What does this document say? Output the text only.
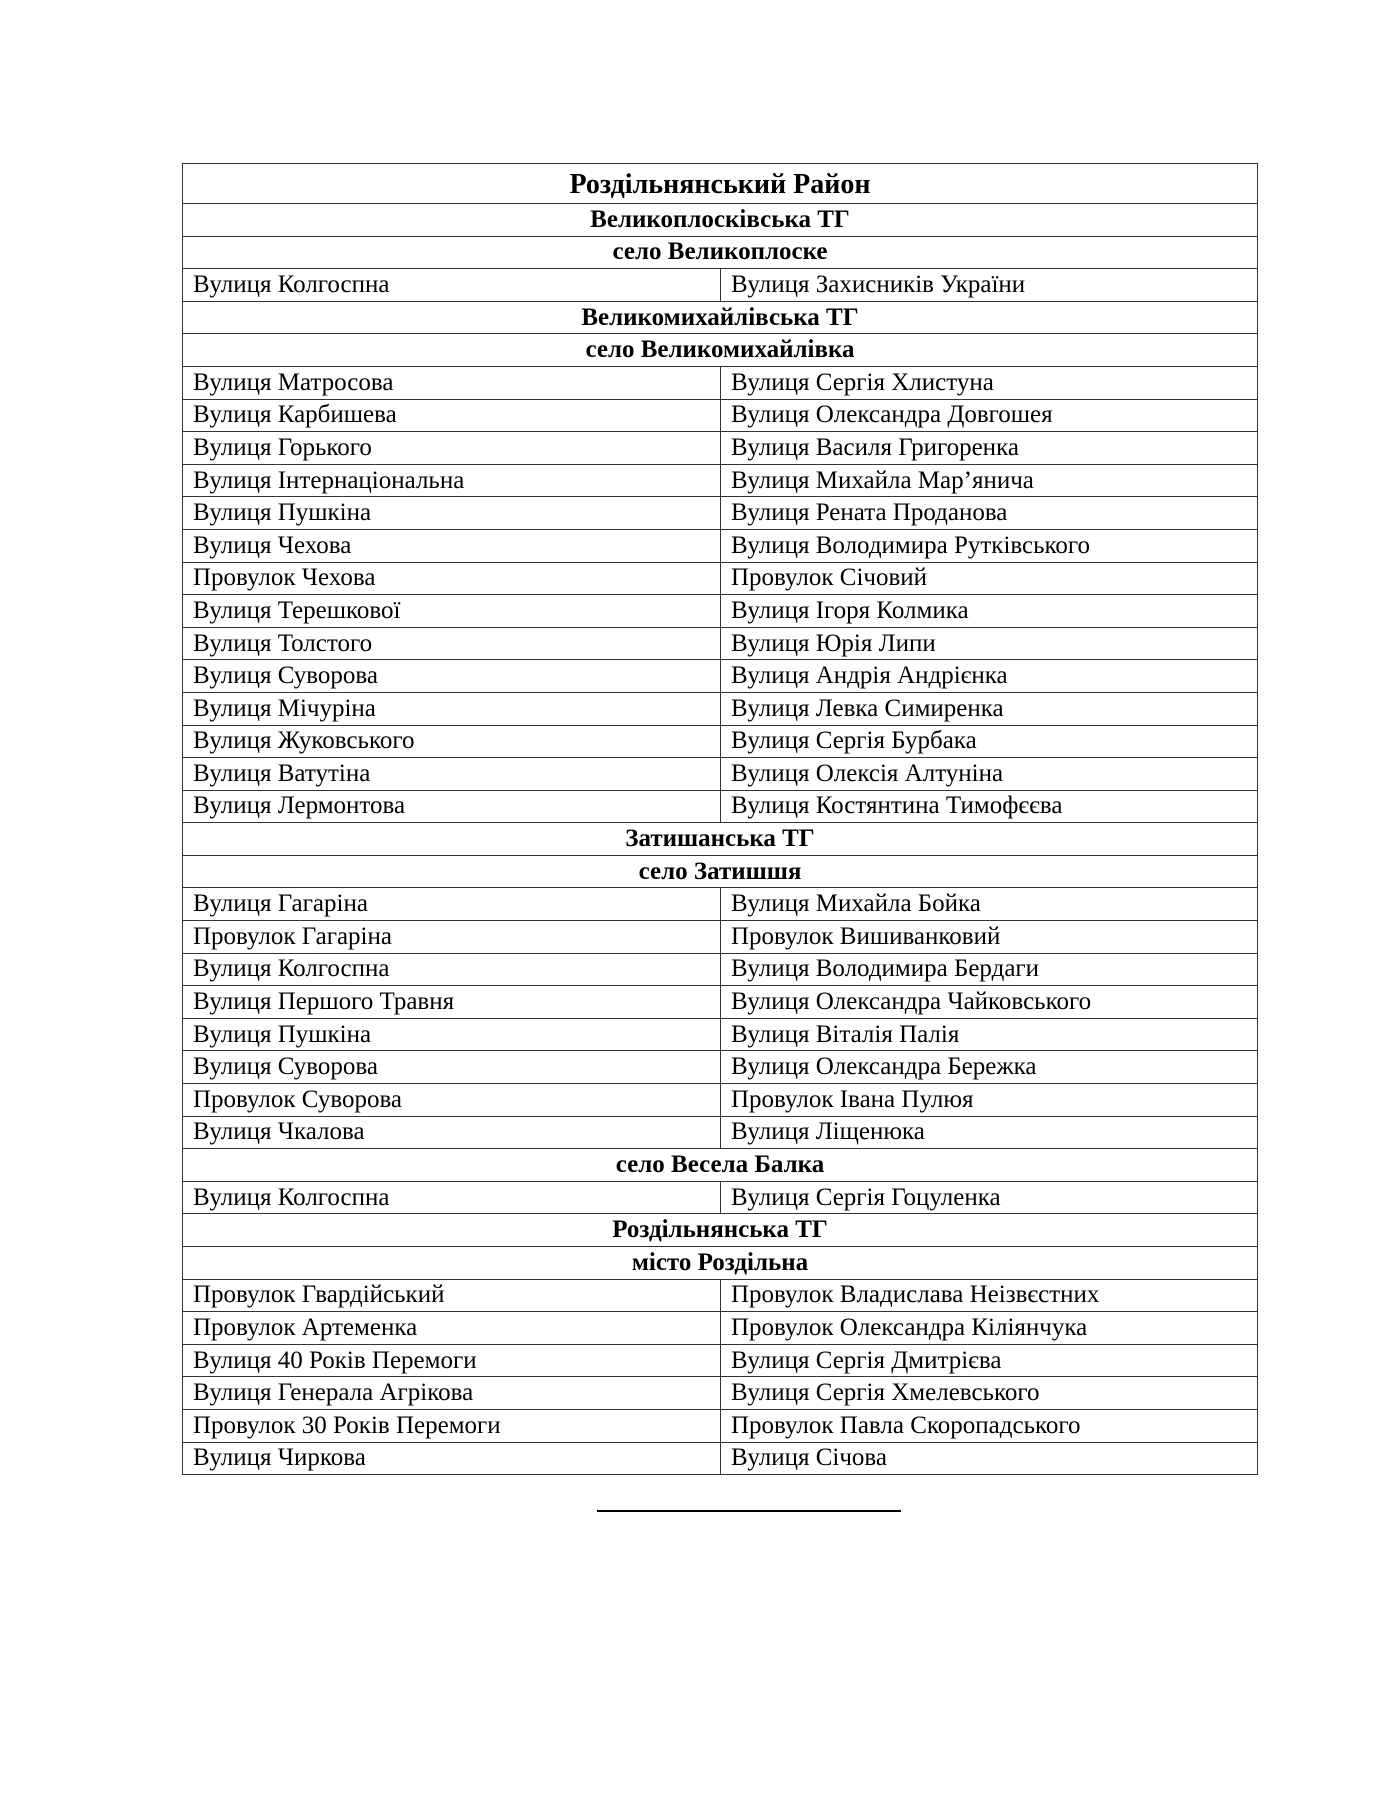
Роздільнянський Район	
Великоплосківська ТГ	
село Великоплоске	
Вулиця Колгоспна	Вулиця Захисників України
Великомихайлівська ТГ	
село Великомихайлівка	
Вулиця Матросова	Вулиця Сергія Хлистуна
Вулиця Карбишева	Вулиця Олександра Довгошея
Вулиця Горького	Вулиця Василя Григоренка
Вулиця Інтернаціональна	Вулиця Михайла Мар’янича
Вулиця Пушкіна	Вулиця Рената Проданова
Вулиця Чехова	Вулиця Володимира Рутківського
Провулок Чехова	Провулок Січовий
Вулиця Терешкової	Вулиця Ігоря Колмика
Вулиця Толстого	Вулиця Юрія Липи
Вулиця Суворова	Вулиця Андрія Андрієнка
Вулиця Мічуріна	Вулиця Левка Симиренка
Вулиця Жуковського	Вулиця Сергія Бурбака
Вулиця Ватутіна	Вулиця Олексія Алтуніна
Вулиця Лермонтова	Вулиця Костянтина Тимофєєва
Затишанська ТГ	
село Затишшя	
Вулиця Гагаріна	Вулиця Михайла Бойка
Провулок Гагаріна	Провулок Вишиванковий
Вулиця Колгоспна	Вулиця Володимира Бердаги
Вулиця Першого Травня	Вулиця Олександра Чайковського
Вулиця Пушкіна	Вулиця Віталія Палія
Вулиця Суворова	Вулиця Олександра Бережка
Провулок Суворова	Провулок Івана Пулюя
Вулиця Чкалова	Вулиця Ліщенюка
село Весела Балка	
Вулиця Колгоспна	Вулиця Сергія Гоцуленка
Роздільнянська ТГ	
місто Роздільна	
Провулок Гвардійський	Провулок Владислава Неізвєстних
Провулок Артеменка	Провулок Олександра Кіліянчука
Вулиця 40 Років Перемоги	Вулиця Сергія Дмитрієва
Вулиця Генерала Агрікова	Вулиця Сергія Хмелевського
Провулок 30 Років Перемоги	Провулок Павла Скоропадського
Вулиця Чиркова	Вулиця Січова
